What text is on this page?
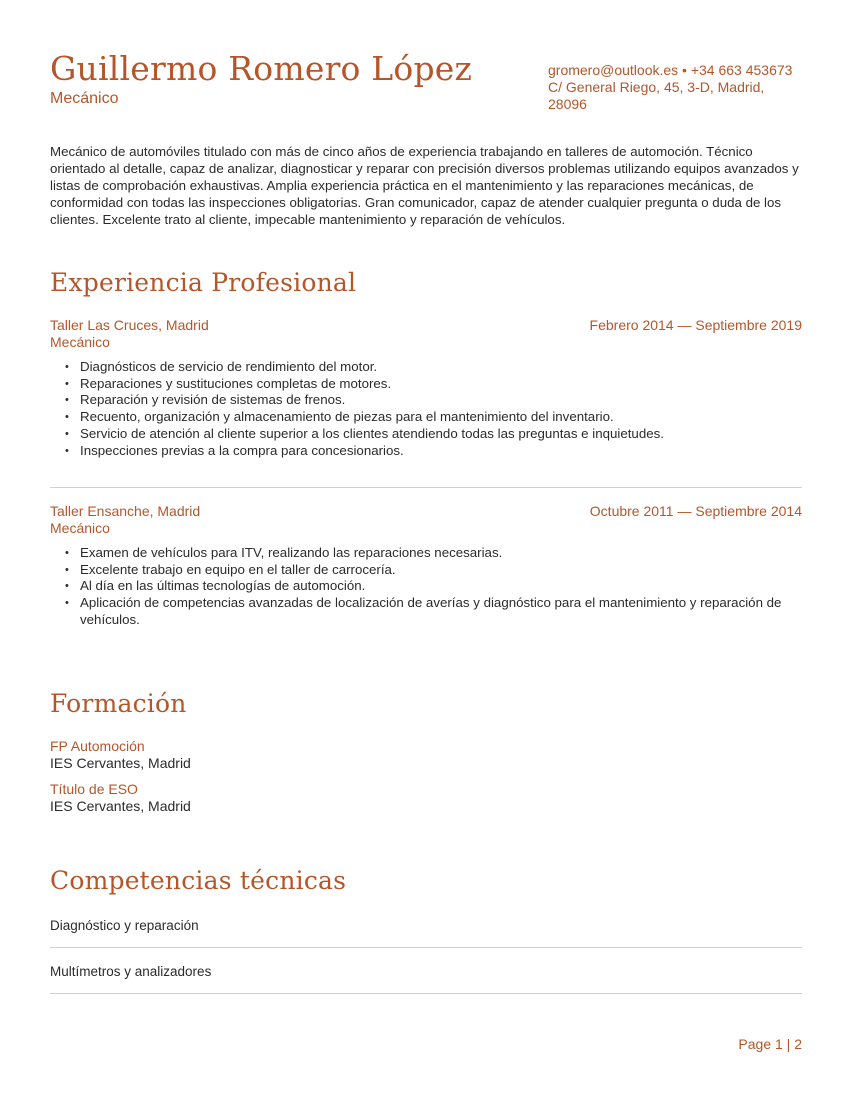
Guillermo Romero López
Mecánico
gromero@outlook.es • +34 663 453673
C/ General Riego, 45, 3-D, Madrid, 28096
Mecánico de automóviles titulado con más de cinco años de experiencia trabajando en talleres de automoción. Técnico orientado al detalle, capaz de analizar, diagnosticar y reparar con precisión diversos problemas utilizando equipos avanzados y listas de comprobación exhaustivas. Amplia experiencia práctica en el mantenimiento y las reparaciones mecánicas, de conformidad con todas las inspecciones obligatorias. Gran comunicador, capaz de atender cualquier pregunta o duda de los clientes. Excelente trato al cliente, impecable mantenimiento y reparación de vehículos.
Experiencia Profesional
Taller Las Cruces, Madrid	Febrero 2014 — Septiembre 2019
Mecánico
• Diagnósticos de servicio de rendimiento del motor.
• Reparaciones y sustituciones completas de motores.
• Reparación y revisión de sistemas de frenos.
• Recuento, organización y almacenamiento de piezas para el mantenimiento del inventario.
• Servicio de atención al cliente superior a los clientes atendiendo todas las preguntas e inquietudes.
• Inspecciones previas a la compra para concesionarios.
Taller Ensanche, Madrid	Octubre 2011 — Septiembre 2014
Mecánico
• Examen de vehículos para ITV, realizando las reparaciones necesarias.
• Excelente trabajo en equipo en el taller de carrocería.
• Al día en las últimas tecnologías de automoción.
• Aplicación de competencias avanzadas de localización de averías y diagnóstico para el mantenimiento y reparación de vehículos.
Formación
FP Automoción
IES Cervantes, Madrid
Título de ESO
IES Cervantes, Madrid
Competencias técnicas
Diagnóstico y reparación
Multímetros y analizadores
Page 1 | 2
